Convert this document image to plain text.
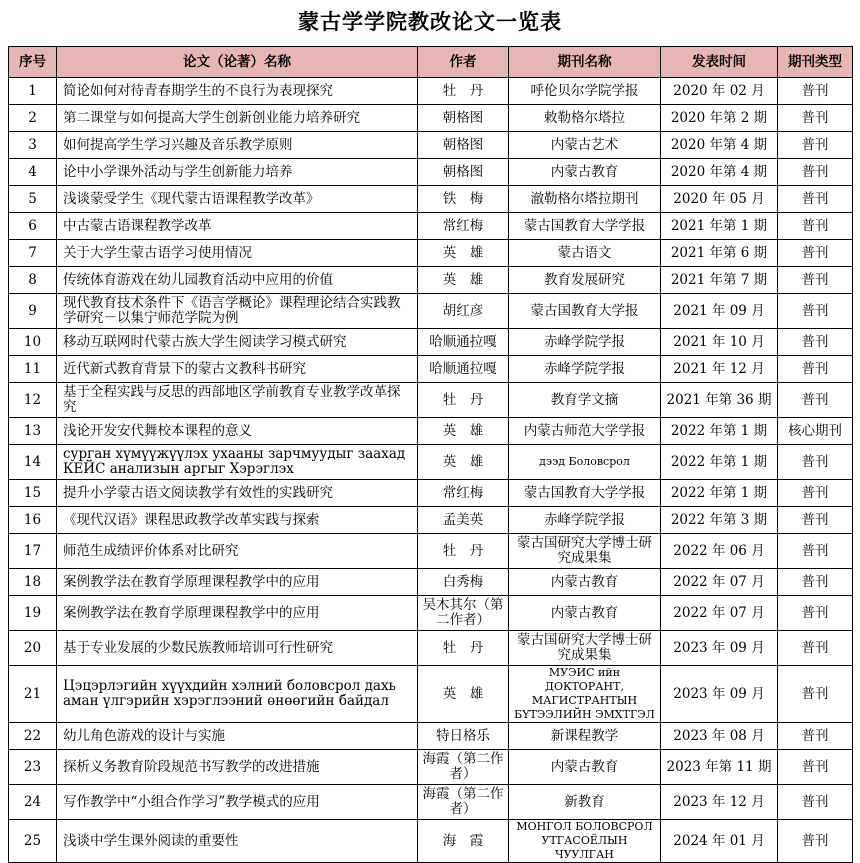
蒙古学学院教改论文一览表
序号	论文（论著）名称	作者	期刊名称	发表时间	期刊类型
1	简论如何对待青春期学生的不良行为表现探究	牡　丹	呼伦贝尔学院学报	2020 年 02 月	普刊
2	第二课堂与如何提高大学生创新创业能力培养研究	朝格图	敕勒格尔塔拉	2020 年第 2 期	普刊
3	如何提高学生学习兴趣及音乐教学原则	朝格图	内蒙古艺术	2020 年第 4 期	普刊
4	论中小学课外活动与学生创新能力培养	朝格图	内蒙古教育	2020 年第 4 期	普刊
5	浅谈蒙受学生《现代蒙古语课程教学改革》	铁　梅	澈勒格尔塔拉期刊	2020 年 05 月	普刊
6	中古蒙古语课程教学改革	常红梅	蒙古国教育大学学报	2021 年第 1 期	普刊
7	关于大学生蒙古语学习使用情况	英　雄	蒙古语文	2021 年第 6 期	普刊
8	传统体育游戏在幼儿园教育活动中应用的价值	英　雄	教育发展研究	2021 年第 7 期	普刊
9	现代教育技术条件下《语言学概论》课程理论结合实践教学研究－以集宁师范学院为例	胡红彦	蒙古国教育大学报	2021 年 09 月	普刊
10	移动互联网时代蒙古族大学生阅读学习模式研究	哈顺通拉嘎	赤峰学院学报	2021 年 10 月	普刊
11	近代新式教育背景下的蒙古文教科书研究	哈顺通拉嘎	赤峰学院学报	2021 年 12 月	普刊
12	基于全程实践与反思的西部地区学前教育专业教学改革探究	牡　丹	教育学文摘	2021 年第 36 期	普刊
13	浅论开发安代舞校本课程的意义	英　雄	内蒙古师范大学学报	2022 年第 1 期	核心期刊
14	сурган хүмүүжүүлэх ухааны зарчмуудыг заахад КЕЙС анализын аргыг Хэрэглэх	英　雄	дээд Боловсрол	2022 年第 1 期	普刊
15	提升小学蒙古语文阅读教学有效性的实践研究	常红梅	蒙古国教育大学学报	2022 年第 1 期	普刊
16	《现代汉语》课程思政教学改革实践与探索	孟美英	赤峰学院学报	2022 年第 3 期	普刊
17	师范生成绩评价体系对比研究	牡　丹	蒙古国研究大学博士研究成果集	2022 年 06 月	普刊
18	案例教学法在教育学原理课程教学中的应用	白秀梅	内蒙古教育	2022 年 07 月	普刊
19	案例教学法在教育学原理课程教学中的应用	吴木其尔（第二作者）	内蒙古教育	2022 年 07 月	普刊
20	基于专业发展的少数民族教师培训可行性研究	牡　丹	蒙古国研究大学博士研究成果集	2023 年 09 月	普刊
21	Цэцэрлэгийн хүүхдийн хэлний боловсрол дахь аман үлгэрийн хэрэглээний өнөөгийн байдал	英　雄	МУЭИС ийн ДОКТОРАНТ, МАГИСТРАНТЫН БҮТЭЭЛИЙН ЭМХТГЭЛ	2023 年 09 月	普刊
22	幼儿角色游戏的设计与实施	特日格乐	新课程教学	2023 年 08 月	普刊
23	探析义务教育阶段规范书写教学的改进措施	海霞（第二作者）	内蒙古教育	2023 年第 11 期	普刊
24	写作教学中“小组合作学习”教学模式的应用	海霞（第二作者）	新教育	2023 年 12 月	普刊
25	浅谈中学生课外阅读的重要性	海　霞	МОНГОЛ БОЛОВСРОЛ УТГАСОЁЛЫН ЧУУЛГАН	2024 年 01 月	普刊
